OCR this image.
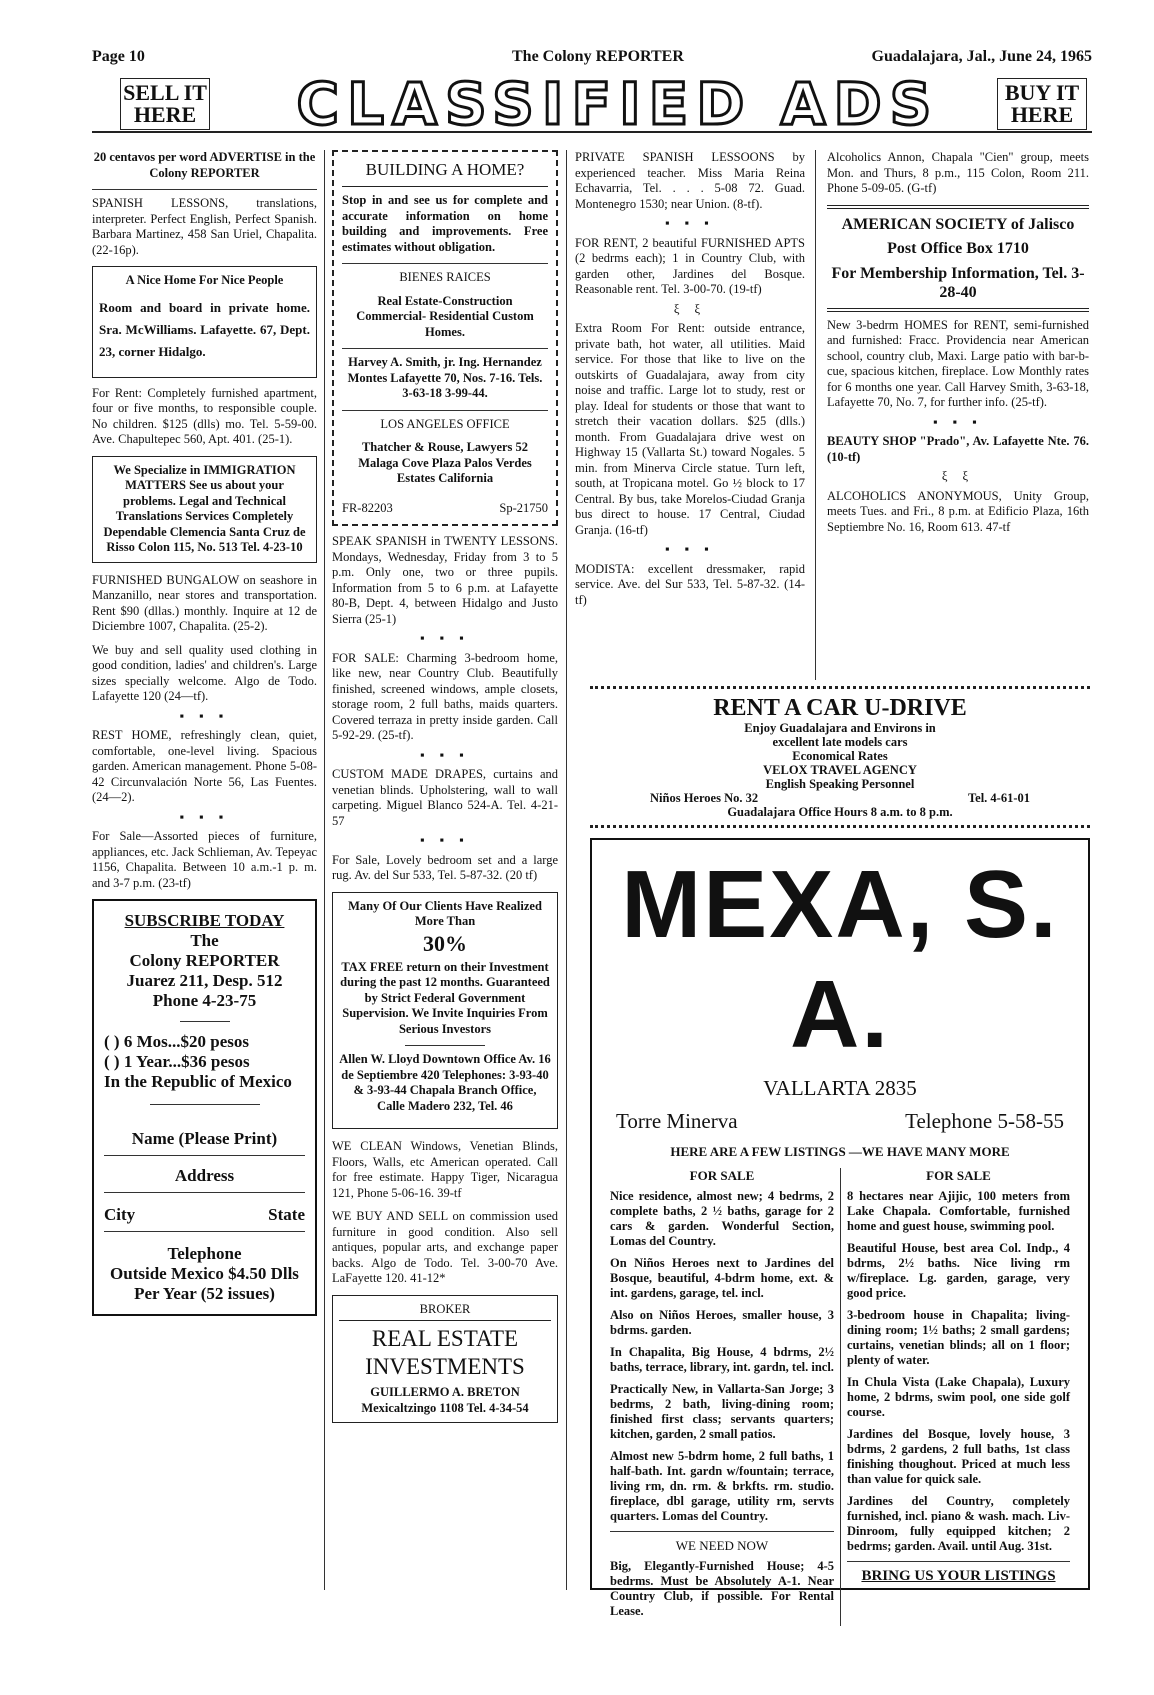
Page 10	The Colony REPORTER	Guadalajara, Jal., June 24, 1965
SELL IT HERE	CLASSIFIED ADS	BUY IT HERE

20 centavos per word ADVERTISE in the Colony REPORTER

SPANISH LESSONS, translations, interpreter. Perfect English, Perfect Spanish. Barbara Martinez, 458 San Uriel, Chapalita. (22-16p).

A Nice Home For Nice People

Room and board in private home. Sra. McWilliams. Lafayette. 67, Dept. 23, corner Hidalgo.

For Rent: Completely furnished apartment, four or five months, to responsible couple. No children. $125 (dlls) mo. Tel. 5-59-00. Ave. Chapultepec 560, Apt. 401. (25-1).

We Specialize in IMMIGRATION MATTERS See us about your problems. Legal and Technical Translations Services Completely Dependable Clemencia Santa Cruz de Risso Colon 115, No. 513 Tel. 4-23-10

FURNISHED BUNGALOW on seashore in Manzanillo, near stores and transportation. Rent $90 (dllas.) monthly. Inquire at 12 de Diciembre 1007, Chapalita. (25-2).

We buy and sell quality used clothing in good condition, ladies' and children's. Large sizes specially welcome. Algo de Todo. Lafayette 120 (24—tf).

▪ ▪ ▪

REST HOME, refreshingly clean, quiet, comfortable, one-level living. Spacious garden. American management. Phone 5-08-42 Circunvalación Norte 56, Las Fuentes. (24—2).

▪ ▪ ▪

For Sale—Assorted pieces of furniture, appliances, etc. Jack Schlieman, Av. Tepeyac 1156, Chapalita. Between 10 a.m.-1 p. m. and 3-7 p.m. (23-tf)

SUBSCRIBE TODAY
The
Colony REPORTER
Juarez 211, Desp. 512
Phone 4-23-75
( ) 6 Mos...$20 pesos
( ) 1 Year...$36 pesos
In the Republic of Mexico
Name (Please Print)
Address
City	State
Telephone
Outside Mexico $4.50 Dlls Per Year (52 issues)
BUILDING A HOME?

Stop in and see us for complete and accurate information on home building and improvements. Free estimates without obligation.

BIENES RAICES

Real Estate-Construction Commercial- Residential Custom Homes.

Harvey A. Smith, jr. Ing. Hernandez Montes Lafayette 70, Nos. 7-16. Tels. 3-63-18 3-99-44.

LOS ANGELES OFFICE

Thatcher & Rouse, Lawyers 52 Malaga Cove Plaza Palos Verdes Estates California

FR-82203	Sp-21750

SPEAK SPANISH in TWENTY LESSONS. Mondays, Wednesday, Friday from 3 to 5 p.m. Only one, two or three pupils. Information from 5 to 6 p.m. at Lafayette 80-B, Dept. 4, between Hidalgo and Justo Sierra (25-1)

▪ ▪ ▪

FOR SALE: Charming 3-bedroom home, like new, near Country Club. Beautifully finished, screened windows, ample closets, storage room, 2 full baths, maids quarters. Covered terraza in pretty inside garden. Call 5-92-29. (25-tf).

▪ ▪ ▪

CUSTOM MADE DRAPES, curtains and venetian blinds. Upholstering, wall to wall carpeting. Miguel Blanco 524-A. Tel. 4-21-57

▪ ▪ ▪

For Sale, Lovely bedroom set and a large rug. Av. del Sur 533, Tel. 5-87-32. (20 tf)

Many Of Our Clients Have Realized More Than

30%

TAX FREE return on their Investment during the past 12 months. Guaranteed by Strict Federal Government Supervision. We Invite Inquiries From Serious Investors

Allen W. Lloyd Downtown Office Av. 16 de Septiembre 420 Telephones: 3-93-40 & 3-93-44 Chapala Branch Office, Calle Madero 232, Tel. 46

WE CLEAN Windows, Venetian Blinds, Floors, Walls, etc American operated. Call for free estimate. Happy Tiger, Nicaragua 121, Phone 5-06-16. 39-tf

WE BUY AND SELL on commission used furniture in good condition. Also sell antiques, popular arts, and exchange paper backs. Algo de Todo. Tel. 3-00-70 Ave. LaFayette 120. 41-12*

BROKER
REAL ESTATE INVESTMENTS
GUILLERMO A. BRETON Mexicaltzingo 1108 Tel. 4-34-54

PRIVATE SPANISH LESSOONS by experienced teacher. Miss Maria Reina Echavarria, Tel. . . . 5-08 72. Guad. Montenegro 1530; near Union. (8-tf).

▪ ▪ ▪

FOR RENT, 2 beautiful FURNISHED APTS (2 bedrms each); 1 in Country Club, with garden other, Jardines del Bosque. Reasonable rent. Tel. 3-00-70. (19-tf)

ξ ξ

Extra Room For Rent: outside entrance, private bath, hot water, all utilities. Maid service. For those that like to live on the outskirts of Guadalajara, away from city noise and traffic. Large lot to study, rest or play. Ideal for students or those that want to stretch their vacation dollars. $25 (dlls.) month. From Guadalajara drive west on Highway 15 (Vallarta St.) toward Nogales. 5 min. from Minerva Circle statue. Turn left, south, at Tropicana motel. Go ½ block to 17 Central. By bus, take Morelos-Ciudad Granja bus direct to house. 17 Central, Ciudad Granja. (16-tf)

▪ ▪ ▪

MODISTA: excellent dressmaker, rapid service. Ave. del Sur 533, Tel. 5-87-32. (14-tf)

Alcoholics Annon, Chapala "Cien" group, meets Mon. and Thurs, 8 p.m., 115 Colon, Room 211. Phone 5-09-05. (G-tf)

AMERICAN SOCIETY of Jalisco
Post Office Box 1710
For Membership Information, Tel. 3-28-40

New 3-bedrm HOMES for RENT, semi-furnished and furnished: Fracc. Providencia near American school, country club, Maxi. Large patio with bar-b-cue, spacious kitchen, fireplace. Low Monthly rates for 6 months one year. Call Harvey Smith, 3-63-18, Lafayette 70, No. 7, for further info. (25-tf).

▪ ▪ ▪

BEAUTY SHOP "Prado", Av. Lafayette Nte. 76. (10-tf)

ξ ξ

ALCOHOLICS ANONYMOUS, Unity Group, meets Tues. and Fri., 8 p.m. at Edificio Plaza, 16th Septiembre No. 16, Room 613. 47-tf

RENT A CAR U-DRIVE
Enjoy Guadalajara and Environs in
excellent late models cars
Economical Rates
VELOX TRAVEL AGENCY
English Speaking Personnel
Niños Heroes No. 32	Tel. 4-61-01
Guadalajara Office Hours 8 a.m. to 8 p.m.
MEXA, S. A.
VALLARTA 2835
Torre Minerva	Telephone 5-58-55
HERE ARE A FEW LISTINGS —WE HAVE MANY MORE
FOR SALE

Nice residence, almost new; 4 bedrms, 2 complete baths, 2 ½ baths, garage for 2 cars & garden. Wonderful Section, Lomas del Country.

On Niños Heroes next to Jardines del Bosque, beautiful, 4-bdrm home, ext. & int. gardens, garage, tel. incl.

Also on Niños Heroes, smaller house, 3 bdrms. garden.

In Chapalita, Big House, 4 bdrms, 2½ baths, terrace, library, int. gardn, tel. incl.

Practically New, in Vallarta-San Jorge; 3 bedrms, 2 bath, living-dining room; finished first class; servants quarters; kitchen, garden, 2 small patios.

Almost new 5-bdrm home, 2 full baths, 1 half-bath. Int. gardn w/fountain; terrace, living rm, dn. rm. & brkfts. rm. studio. fireplace, dbl garage, utility rm, servts quarters. Lomas del Country.

WE NEED NOW

Big, Elegantly-Furnished House; 4-5 bedrms. Must be Absolutely A-1. Near Country Club, if possible. For Rental Lease.

FOR SALE

8 hectares near Ajijic, 100 meters from Lake Chapala. Comfortable, furnished home and guest house, swimming pool.

Beautiful House, best area Col. Indp., 4 bdrms, 2½ baths. Nice living rm w/fireplace. Lg. garden, garage, very good price.

3-bedroom house in Chapalita; living-dining room; 1½ baths; 2 small gardens; curtains, venetian blinds; all on 1 floor; plenty of water.

In Chula Vista (Lake Chapala), Luxury home, 2 bdrms, swim pool, one side golf course.

Jardines del Bosque, lovely house, 3 bdrms, 2 gardens, 2 full baths, 1st class finishing thoughout. Priced at much less than value for quick sale.

Jardines del Country, completely furnished, incl. piano & wash. mach. Liv-Dinroom, fully equipped kitchen; 2 bedrms; garden. Avail. until Aug. 31st.

BRING US YOUR LISTINGS
